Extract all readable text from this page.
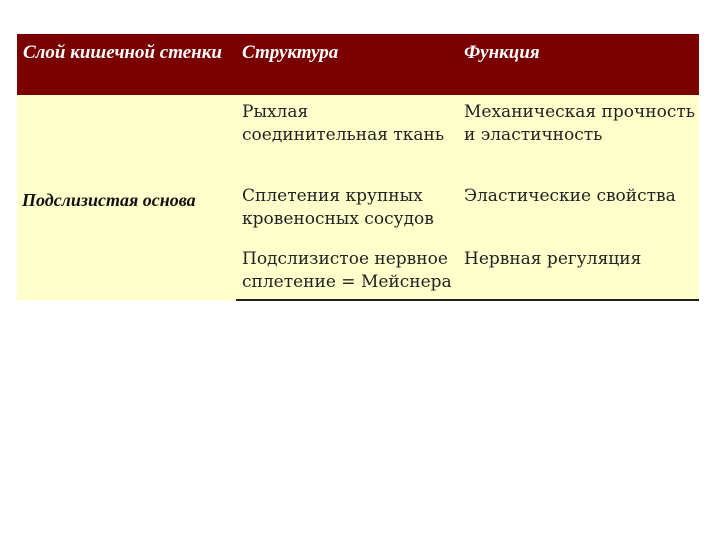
Слой кишечной стенки	Структура	Функция
Подслизистая основа	Рыхлая соединительная ткань	Механическая прочность и эластичность
	Сплетения крупных кровеносных сосудов	Эластические свойства
	Подслизистое нервное сплетение = Мейснера	Нервная регуляция
